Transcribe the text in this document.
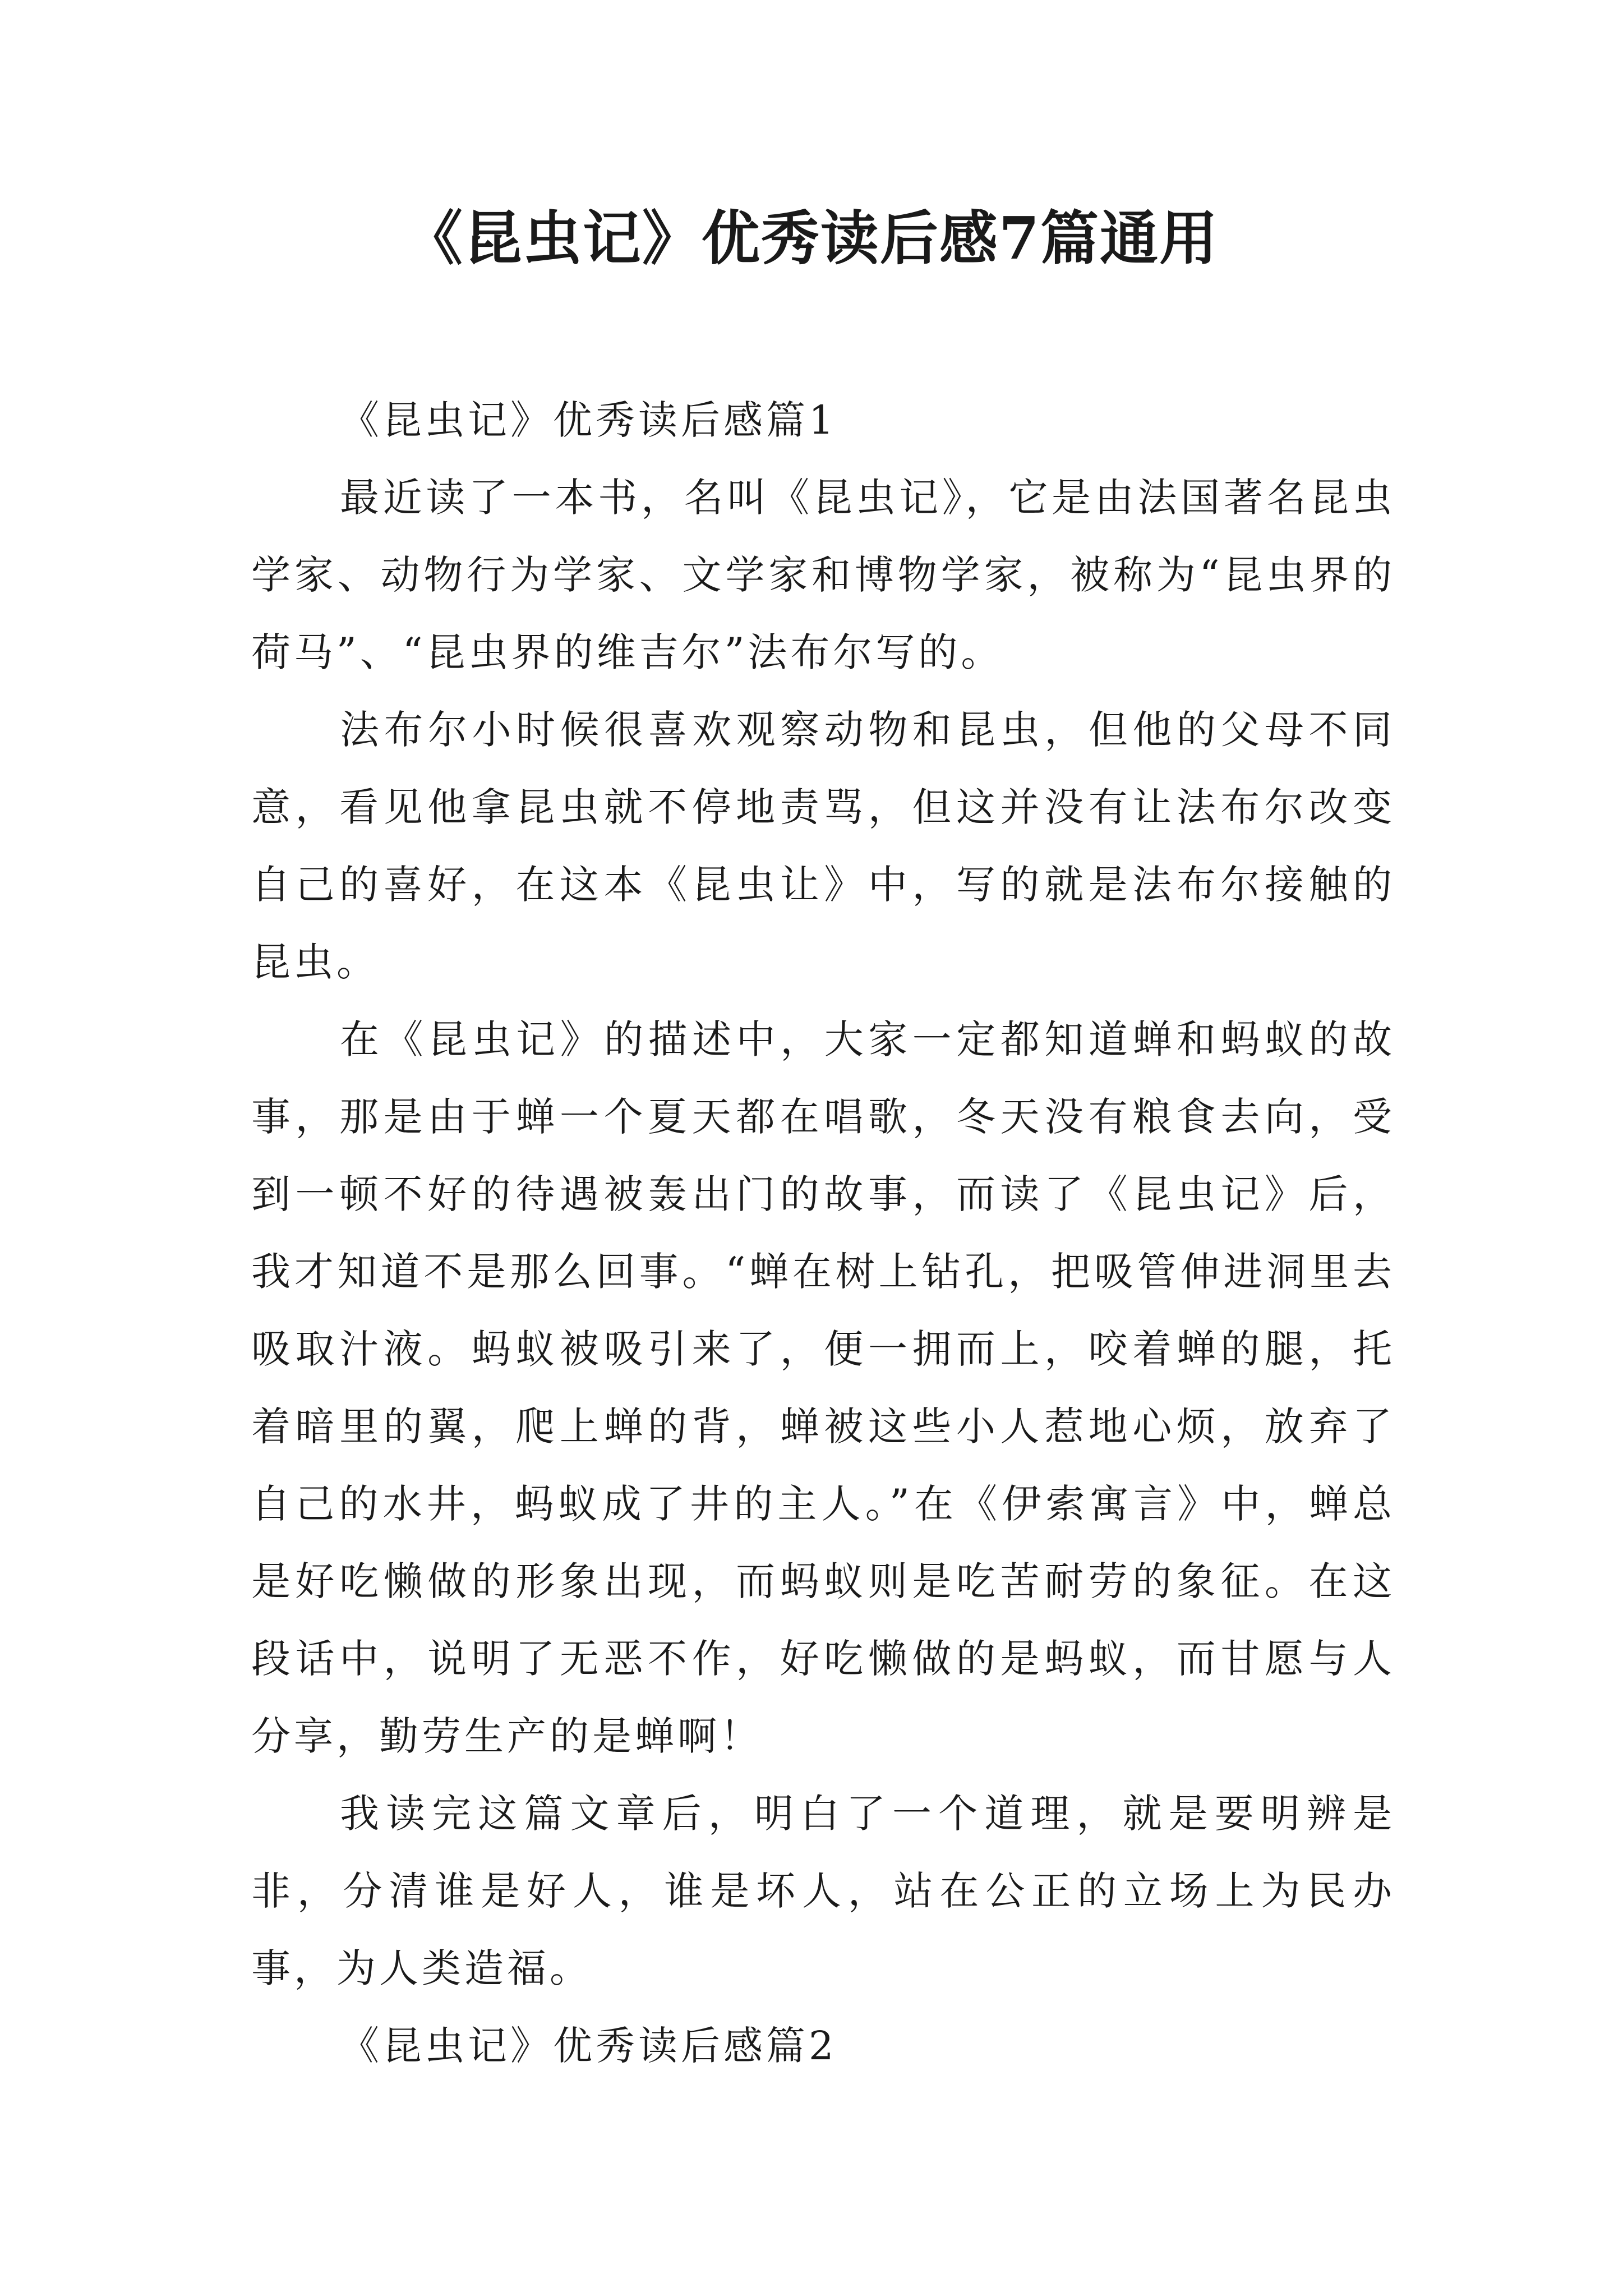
《昆虫记》优秀读后感7篇通用

《昆虫记》优秀读后感篇1

最近读了一本书，名叫《昆虫记》，它是由法国著名昆虫学家、动物行为学家、文学家和博物学家，被称为“昆虫界的荷马”、“昆虫界的维吉尔”法布尔写的。

法布尔小时候很喜欢观察动物和昆虫，但他的父母不同意，看见他拿昆虫就不停地责骂，但这并没有让法布尔改变自己的喜好，在这本《昆虫让》中，写的就是法布尔接触的昆虫。

在《昆虫记》的描述中，大家一定都知道蝉和蚂蚁的故事，那是由于蝉一个夏天都在唱歌，冬天没有粮食去向，受到一顿不好的待遇被轰出门的故事，而读了《昆虫记》后，我才知道不是那么回事。“蝉在树上钻孔，把吸管伸进洞里去吸取汁液。蚂蚁被吸引来了，便一拥而上，咬着蝉的腿，托着暗里的翼，爬上蝉的背，蝉被这些小人惹地心烦，放弃了自己的水井，蚂蚁成了井的主人。”在《伊索寓言》中，蝉总是好吃懒做的形象出现，而蚂蚁则是吃苦耐劳的象征。在这段话中，说明了无恶不作，好吃懒做的是蚂蚁，而甘愿与人分享，勤劳生产的是蝉啊！

我读完这篇文章后，明白了一个道理，就是要明辨是非，分清谁是好人，谁是坏人，站在公正的立场上为民办事，为人类造福。

《昆虫记》优秀读后感篇2
